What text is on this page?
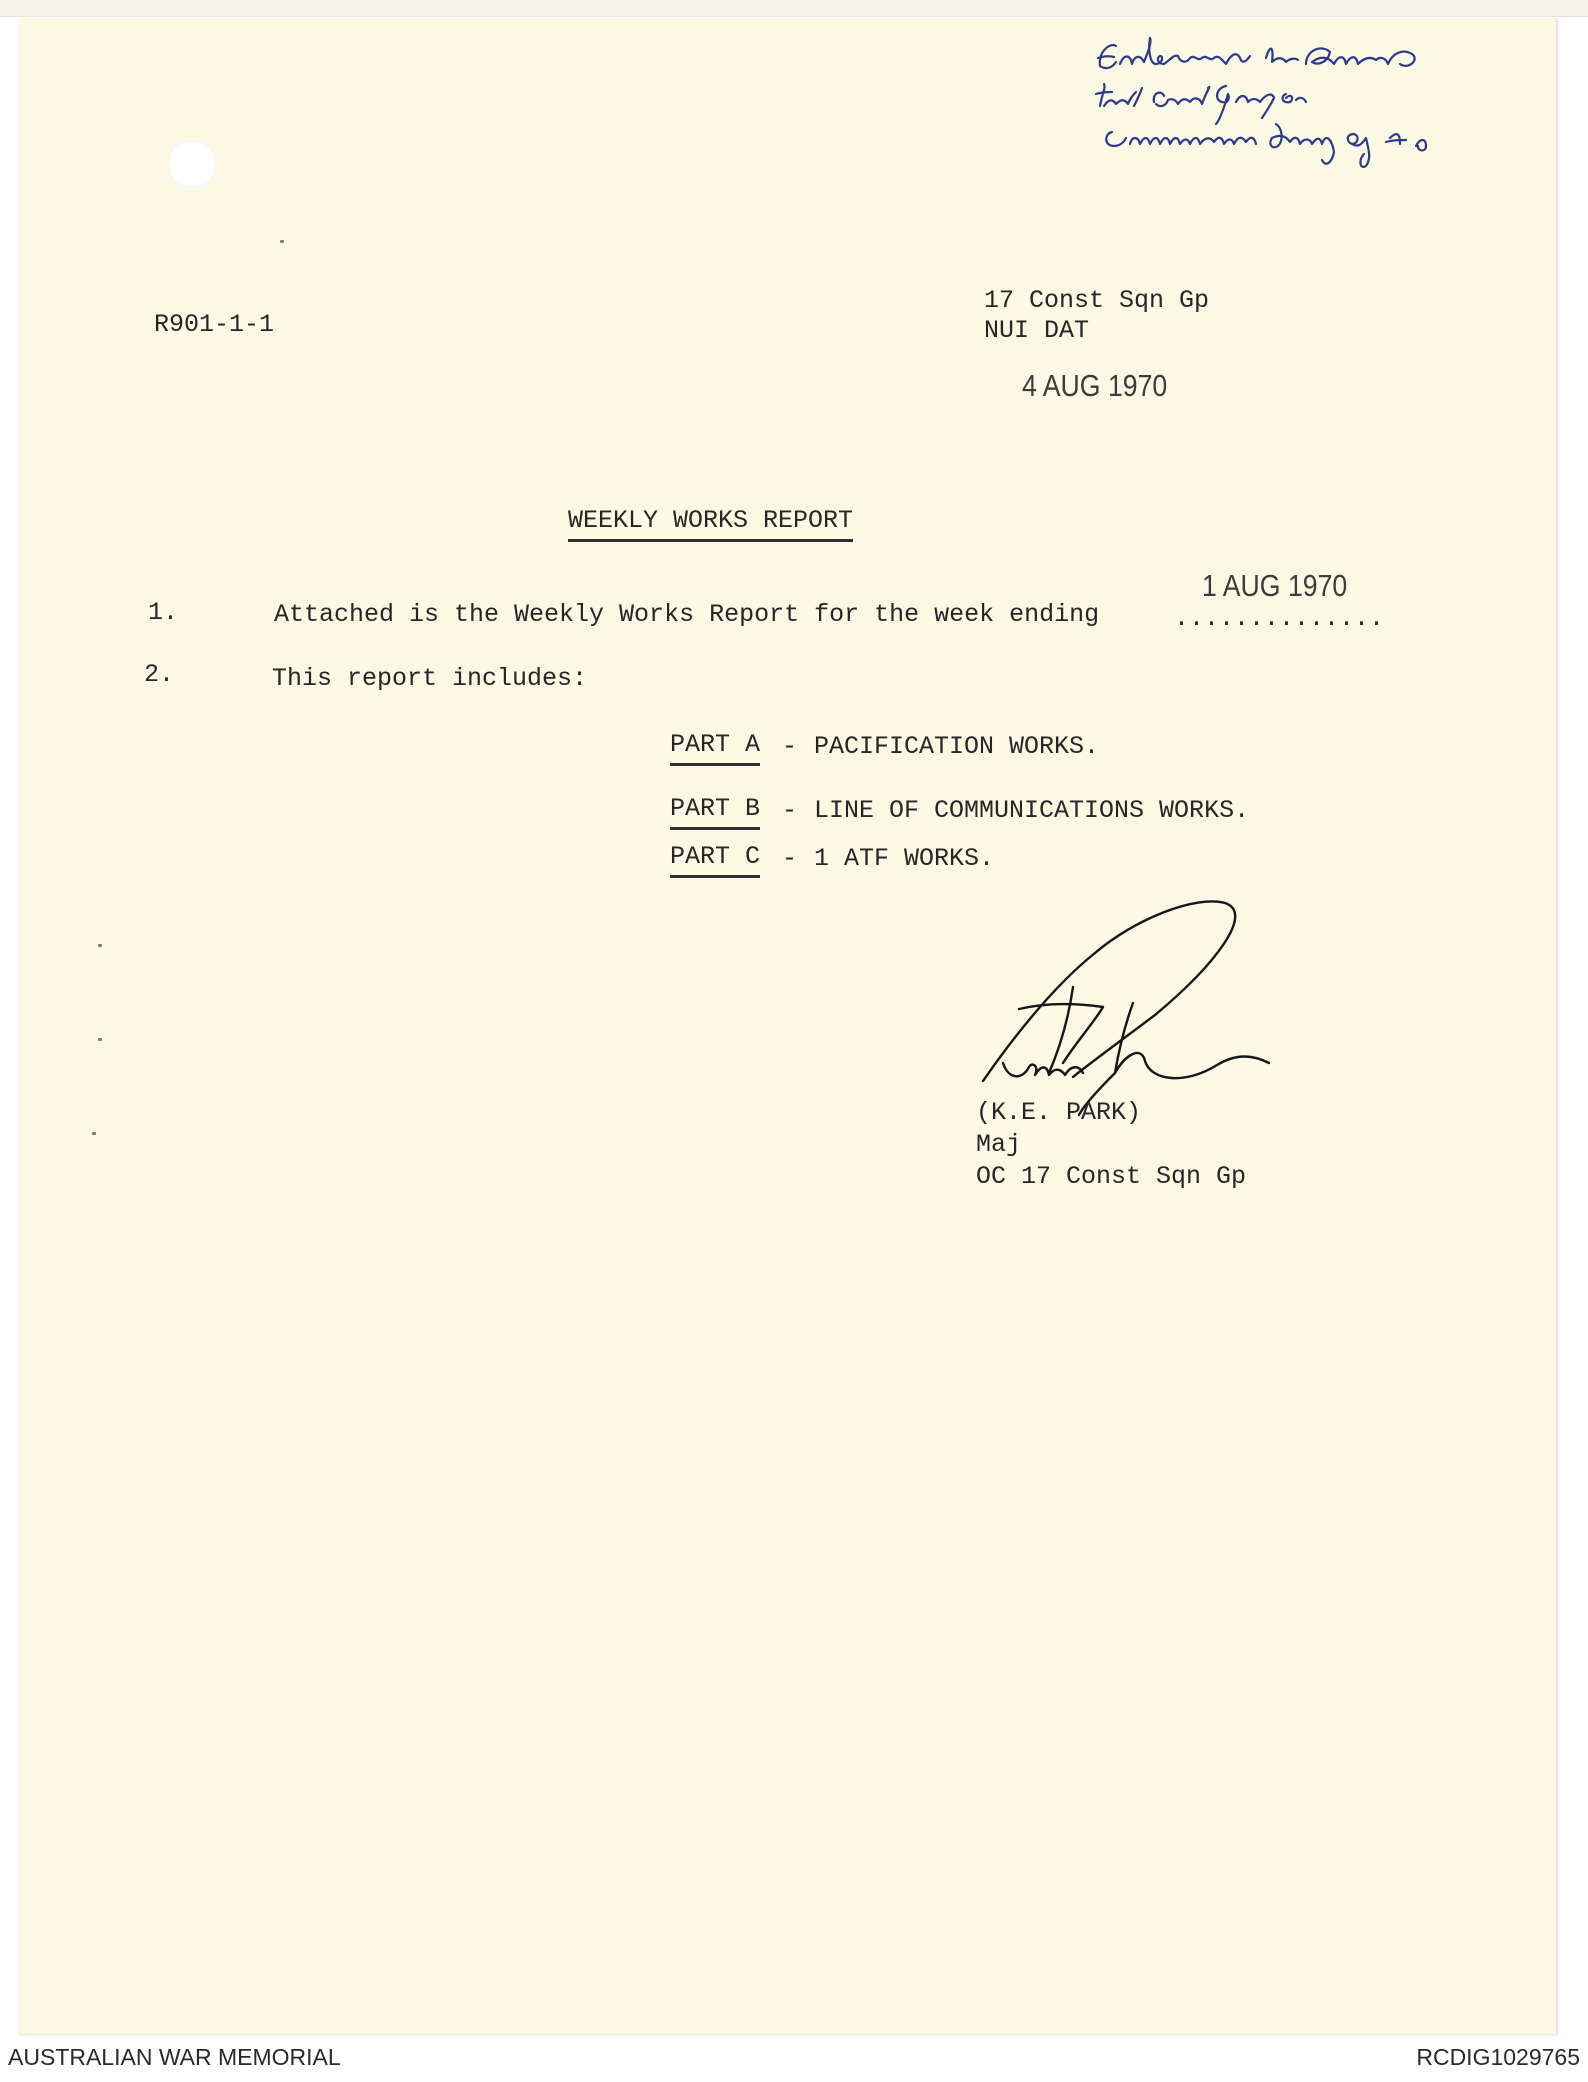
R901-1-1
17 Const Sqn Gp
NUI DAT
4 AUG 1970
WEEKLY WORKS REPORT
1.	Attached is the Weekly Works Report for the week ending	..............
1 AUG 1970
2.	This report includes:
PART A - PACIFICATION WORKS.
PART B - LINE OF COMMUNICATIONS WORKS.
PART C - 1 ATF WORKS.
(K.E. PARK)
Maj
OC 17 Const Sqn Gp
AUSTRALIAN WAR MEMORIAL	RCDIG1029765
